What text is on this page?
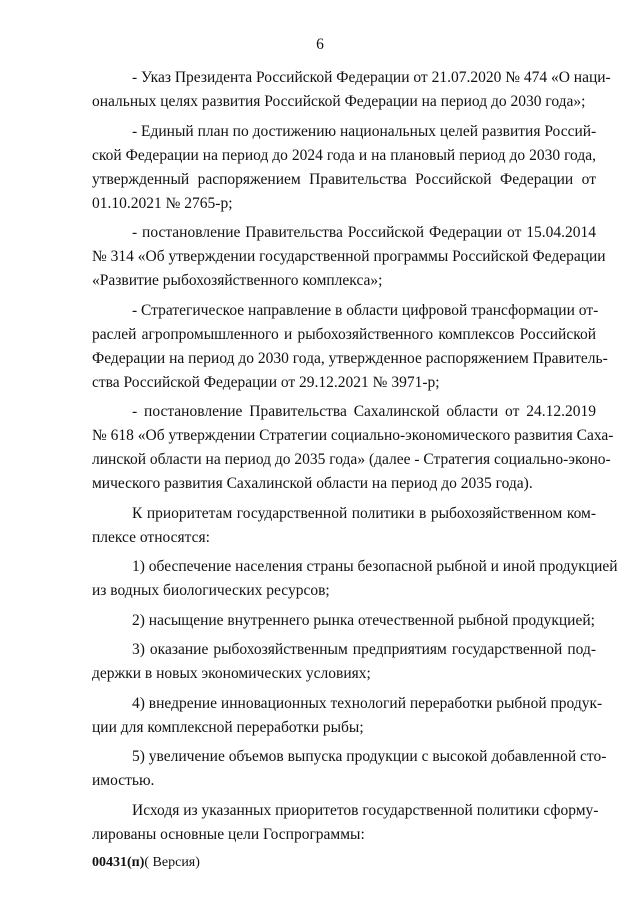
6
- Указ Президента Российской Федерации от 21.07.2020 № 474 «О наци-
ональных целях развития Российской Федерации на период до 2030 года»;
- Единый план по достижению национальных целей развития Россий-
ской Федерации на период до 2024 года и на плановый период до 2030 года,
утвержденный распоряжением Правительства Российской Федерации от
01.10.2021 № 2765-р;
- постановление Правительства Российской Федерации от 15.04.2014
№ 314 «Об утверждении государственной программы Российской Федерации
«Развитие рыбохозяйственного комплекса»;
- Стратегическое направление в области цифровой трансформации от-
раслей агропромышленного и рыбохозяйственного комплексов Российской
Федерации на период до 2030 года, утвержденное распоряжением Правитель-
ства Российской Федерации от 29.12.2021 № 3971-р;
- постановление Правительства Сахалинской области от 24.12.2019
№ 618 «Об утверждении Стратегии социально-экономического развития Саха-
линской области на период до 2035 года» (далее - Стратегия социально-эконо-
мического развития Сахалинской области на период до 2035 года).
К приоритетам государственной политики в рыбохозяйственном ком-
плексе относятся:
1) обеспечение населения страны безопасной рыбной и иной продукцией
из водных биологических ресурсов;
2) насыщение внутреннего рынка отечественной рыбной продукцией;
3) оказание рыбохозяйственным предприятиям государственной под-
держки в новых экономических условиях;
4) внедрение инновационных технологий переработки рыбной продук-
ции для комплексной переработки рыбы;
5) увеличение объемов выпуска продукции с высокой добавленной сто-
имостью.
Исходя из указанных приоритетов государственной политики сформу-
лированы основные цели Госпрограммы:
00431(п)( Версия)
